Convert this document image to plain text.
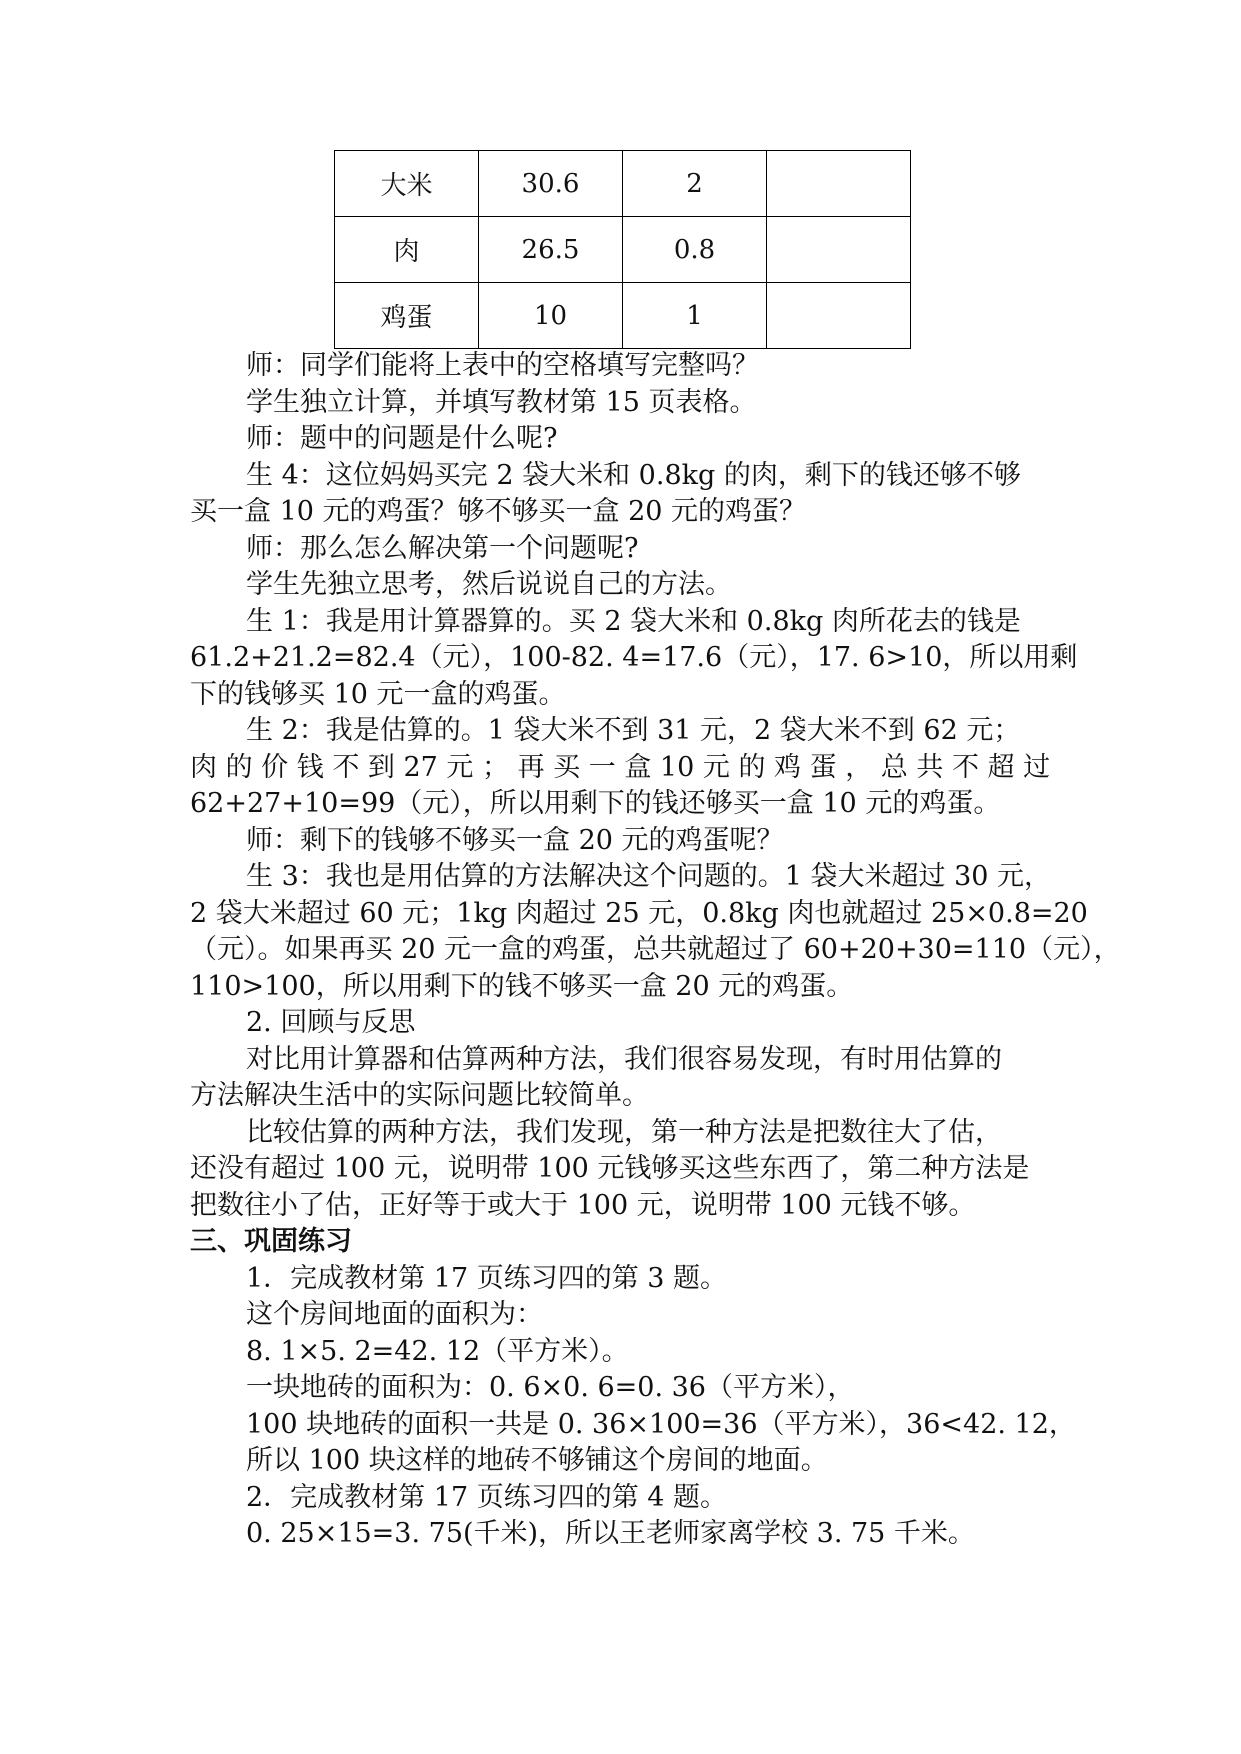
大米	30.6	2	
肉	26.5	0.8	
鸡蛋	10	1	

师：同学们能将上表中的空格填写完整吗？

学生独立计算，并填写教材第 15 页表格。

师：题中的问题是什么呢?

生 4：这位妈妈买完 2 袋大米和 0.8kg 的肉，剩下的钱还够不够

买一盒 10 元的鸡蛋？够不够买一盒 20 元的鸡蛋？

师：那么怎么解决第一个问题呢?

学生先独立思考，然后说说自己的方法。

生 1：我是用计算器算的。买 2 袋大米和 0.8kg 肉所花去的钱是

61.2+21.2=82.4（元），100-82. 4=17.6（元），17. 6>10，所以用剩

下的钱够买 10 元一盒的鸡蛋。

生 2：我是估算的。1 袋大米不到 31 元，2 袋大米不到 62 元；

肉 的 价 钱 不 到 27 元 ； 再 买 一 盒 10 元 的 鸡 蛋 ， 总 共 不 超 过

62+27+10=99（元），所以用剩下的钱还够买一盒 10 元的鸡蛋。

师：剩下的钱够不够买一盒 20 元的鸡蛋呢？

生 3：我也是用估算的方法解决这个问题的。1 袋大米超过 30 元，

2 袋大米超过 60 元；1kg 肉超过 25 元，0.8kg 肉也就超过 25×0.8=20

（元）。如果再买 20 元一盒的鸡蛋，总共就超过了 60+20+30=110（元），

110>100，所以用剩下的钱不够买一盒 20 元的鸡蛋。

2. 回顾与反思

对比用计算器和估算两种方法，我们很容易发现，有时用估算的

方法解决生活中的实际问题比较简单。

比较估算的两种方法，我们发现，第一种方法是把数往大了估，

还没有超过 100 元，说明带 100 元钱够买这些东西了，第二种方法是

把数往小了估，正好等于或大于 100 元，说明带 100 元钱不够。

三、巩固练习

1．完成教材第 17 页练习四的第 3 题。

这个房间地面的面积为：

8. 1×5. 2=42. 12（平方米）。

一块地砖的面积为：0. 6×0. 6=0. 36（平方米），

100 块地砖的面积一共是 0. 36×100=36（平方米），36<42. 12，

所以 100 块这样的地砖不够铺这个房间的地面。

2．完成教材第 17 页练习四的第 4 题。

0. 25×15=3. 75(千米)，所以王老师家离学校 3. 75 千米。
